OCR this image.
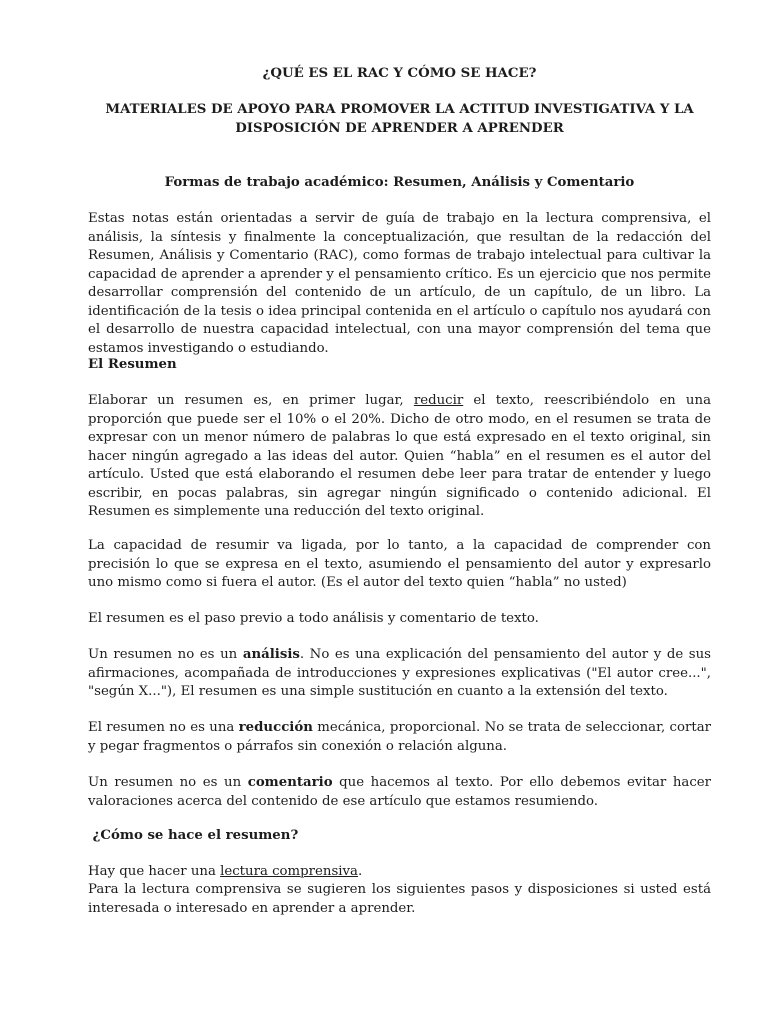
¿QUÉ ES EL RAC Y CÓMO SE HACE?

MATERIALES DE APOYO PARA PROMOVER LA ACTITUD INVESTIGATIVA Y LA DISPOSICIÓN DE APRENDER A APRENDER

Formas de trabajo académico: Resumen, Análisis y Comentario

Estas notas están orientadas a servir de guía de trabajo en la lectura comprensiva, el análisis, la síntesis y finalmente la conceptualización, que resultan de la redacción del Resumen, Análisis y Comentario (RAC), como formas de trabajo intelectual para cultivar la capacidad de aprender a aprender y el pensamiento crítico. Es un ejercicio que nos permite desarrollar comprensión del contenido de un artículo, de un capítulo, de un libro. La identificación de la tesis o idea principal contenida en el artículo o capítulo nos ayudará con el desarrollo de nuestra capacidad intelectual, con una mayor comprensión del tema que estamos investigando o estudiando.

El Resumen

Elaborar un resumen es, en primer lugar, reducir el texto, reescribiéndolo en una proporción que puede ser el 10% o el 20%. Dicho de otro modo, en el resumen se trata de expresar con un menor número de palabras lo que está expresado en el texto original, sin hacer ningún agregado a las ideas del autor. Quien “habla” en el resumen es el autor del artículo. Usted que está elaborando el resumen debe leer para tratar de entender y luego escribir, en pocas palabras, sin agregar ningún significado o contenido adicional. El Resumen es simplemente una reducción del texto original.

La capacidad de resumir va ligada, por lo tanto, a la capacidad de comprender con precisión lo que se expresa en el texto, asumiendo el pensamiento del autor y expresarlo uno mismo como si fuera el autor. (Es el autor del texto quien “habla” no usted)

El resumen es el paso previo a todo análisis y comentario de texto.

Un resumen no es un análisis. No es una explicación del pensamiento del autor y de sus afirmaciones, acompañada de introducciones y expresiones explicativas ("El autor cree...", "según X..."), El resumen es una simple sustitución en cuanto a la extensión del texto.

El resumen no es una reducción mecánica, proporcional. No se trata de seleccionar, cortar y pegar fragmentos o párrafos sin conexión o relación alguna.

Un resumen no es un comentario que hacemos al texto. Por ello debemos evitar hacer valoraciones acerca del contenido de ese artículo que estamos resumiendo.

¿Cómo se hace el resumen?

Hay que hacer una lectura comprensiva.

Para la lectura comprensiva se sugieren los siguientes pasos y disposiciones si usted está interesada o interesado en aprender a aprender.
